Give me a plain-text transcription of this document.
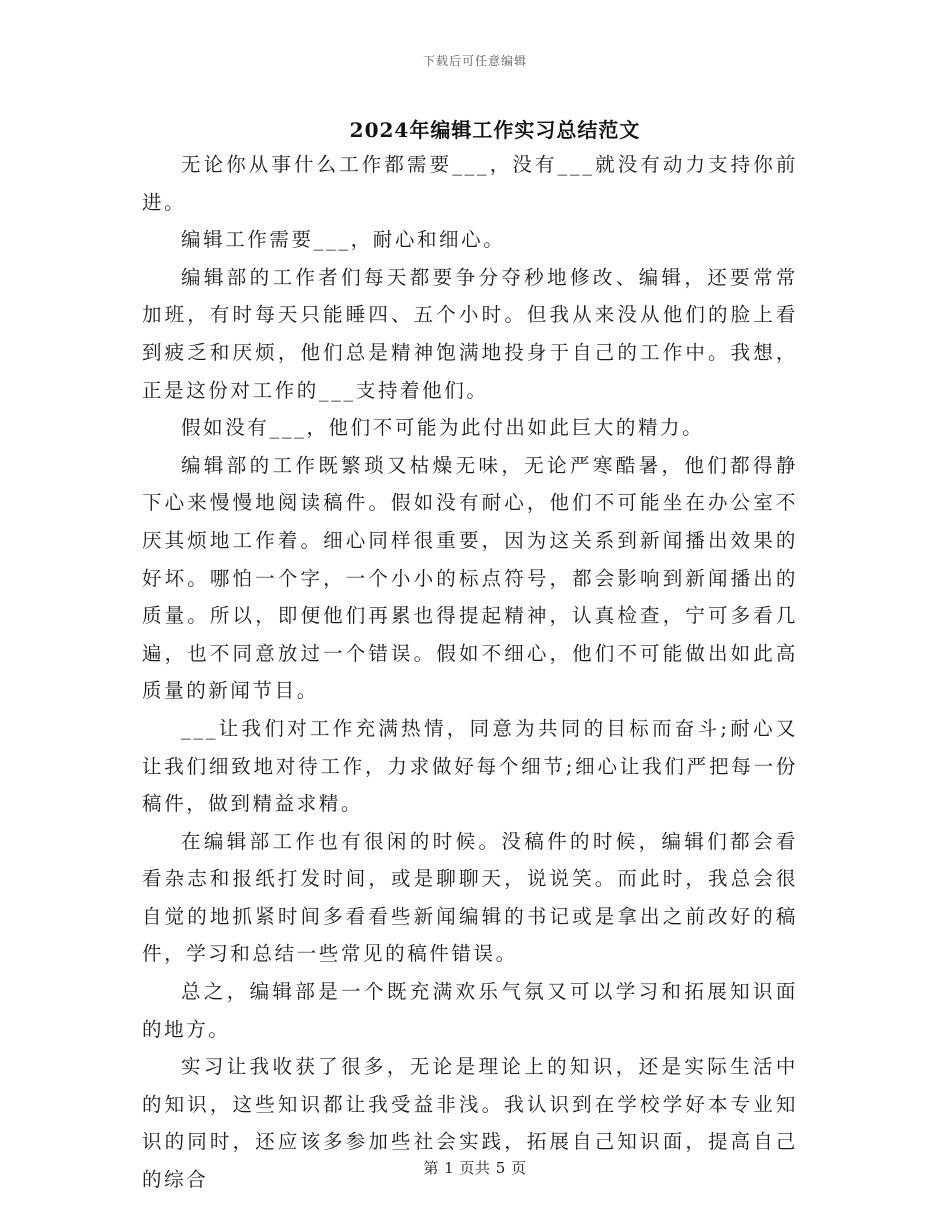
下载后可任意编辑
2024年编辑工作实习总结范文

无论你从事什么工作都需要___，没有___就没有动力支持你前进。

编辑工作需要___，耐心和细心。

编辑部的工作者们每天都要争分夺秒地修改、编辑，还要常常加班，有时每天只能睡四、五个小时。但我从来没从他们的脸上看到疲乏和厌烦，他们总是精神饱满地投身于自己的工作中。我想，正是这份对工作的___支持着他们。

假如没有___，他们不可能为此付出如此巨大的精力。

编辑部的工作既繁琐又枯燥无味，无论严寒酷暑，他们都得静下心来慢慢地阅读稿件。假如没有耐心，他们不可能坐在办公室不厌其烦地工作着。细心同样很重要，因为这关系到新闻播出效果的好坏。哪怕一个字，一个小小的标点符号，都会影响到新闻播出的质量。所以，即便他们再累也得提起精神，认真检查，宁可多看几遍，也不同意放过一个错误。假如不细心，他们不可能做出如此高质量的新闻节目。

___让我们对工作充满热情，同意为共同的目标而奋斗;耐心又让我们细致地对待工作，力求做好每个细节;细心让我们严把每一份稿件，做到精益求精。

在编辑部工作也有很闲的时候。没稿件的时候，编辑们都会看看杂志和报纸打发时间，或是聊聊天，说说笑。而此时，我总会很自觉的地抓紧时间多看看些新闻编辑的书记或是拿出之前改好的稿件，学习和总结一些常见的稿件错误。

总之，编辑部是一个既充满欢乐气氛又可以学习和拓展知识面的地方。

实习让我收获了很多，无论是理论上的知识，还是实际生活中的知识，这些知识都让我受益非浅。我认识到在学校学好本专业知识的同时，还应该多参加些社会实践，拓展自己知识面，提高自己的综合

第 1 页共 5 页
